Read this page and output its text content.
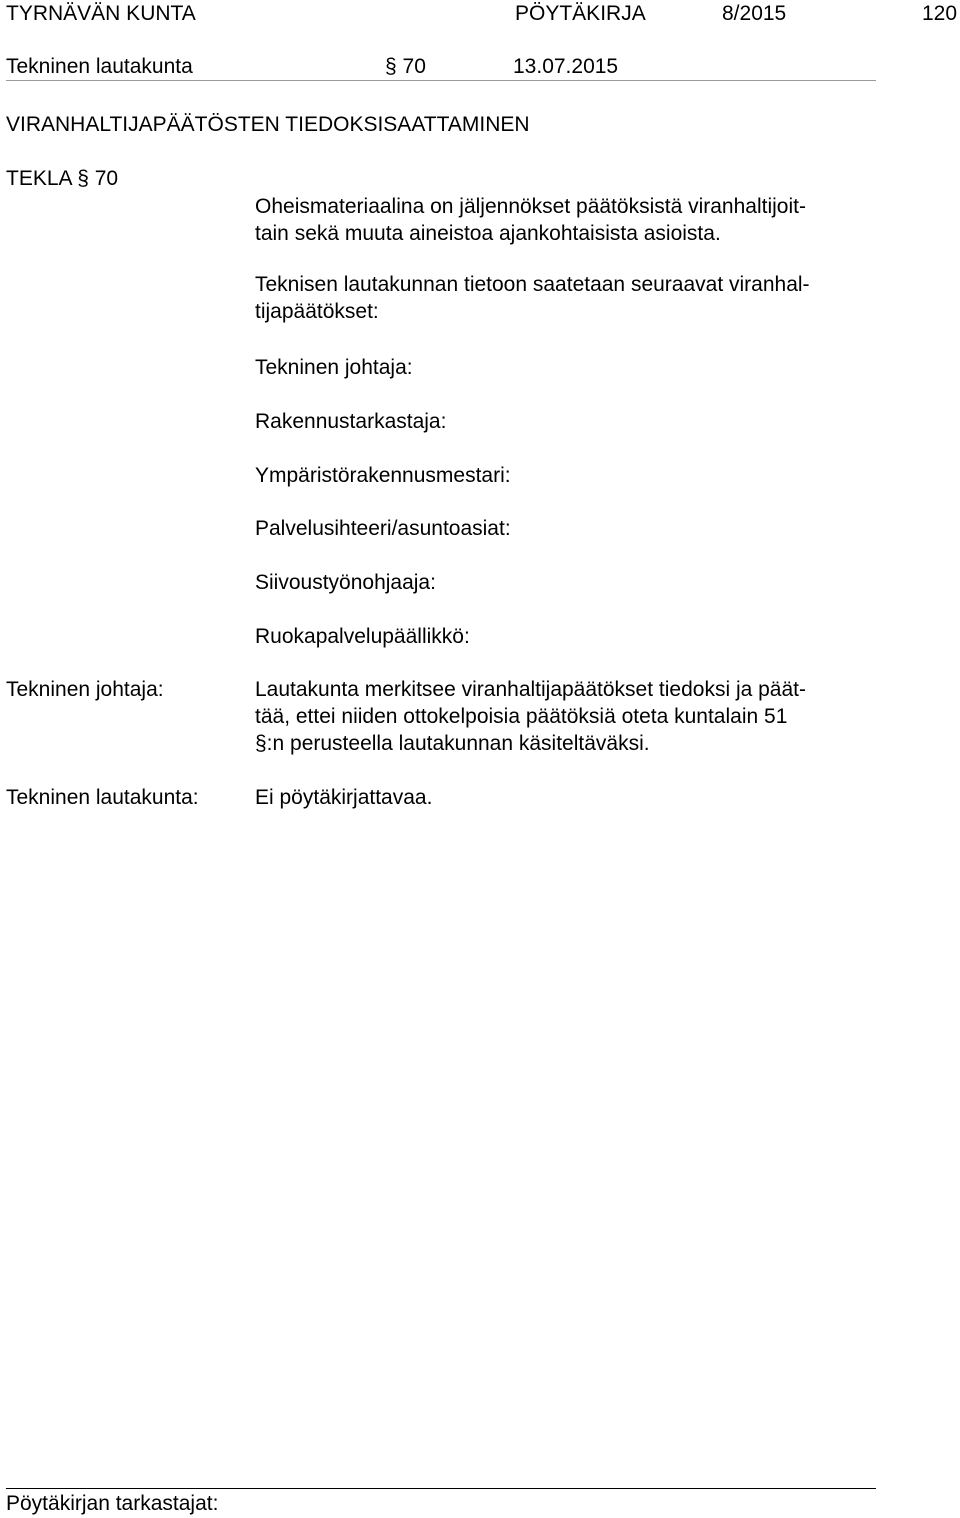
TYRNÄVÄN KUNTA	PÖYTÄKIRJA	8/2015	120
Tekninen lautakunta	§ 70	13.07.2015
VIRANHALTIJAPÄÄTÖSTEN TIEDOKSISAATTAMINEN
TEKLA § 70
Oheismateriaalina on jäljennökset päätöksistä viranhaltijoit-
tain sekä muuta aineistoa ajankohtaisista asioista.
Teknisen lautakunnan tietoon saatetaan seuraavat viranhal-
tijapäätökset:
Tekninen johtaja:
Rakennustarkastaja:
Ympäristörakennusmestari:
Palvelusihteeri/asuntoasiat:
Siivoustyönohjaaja:
Ruokapalvelupäällikkö:
Tekninen johtaja:	Lautakunta merkitsee viranhaltijapäätökset tiedoksi ja päät-
tää, ettei niiden ottokelpoisia päätöksiä oteta kuntalain 51
§:n perusteella lautakunnan käsiteltäväksi.
Tekninen lautakunta:	Ei pöytäkirjattavaa.
Pöytäkirjan tarkastajat:
